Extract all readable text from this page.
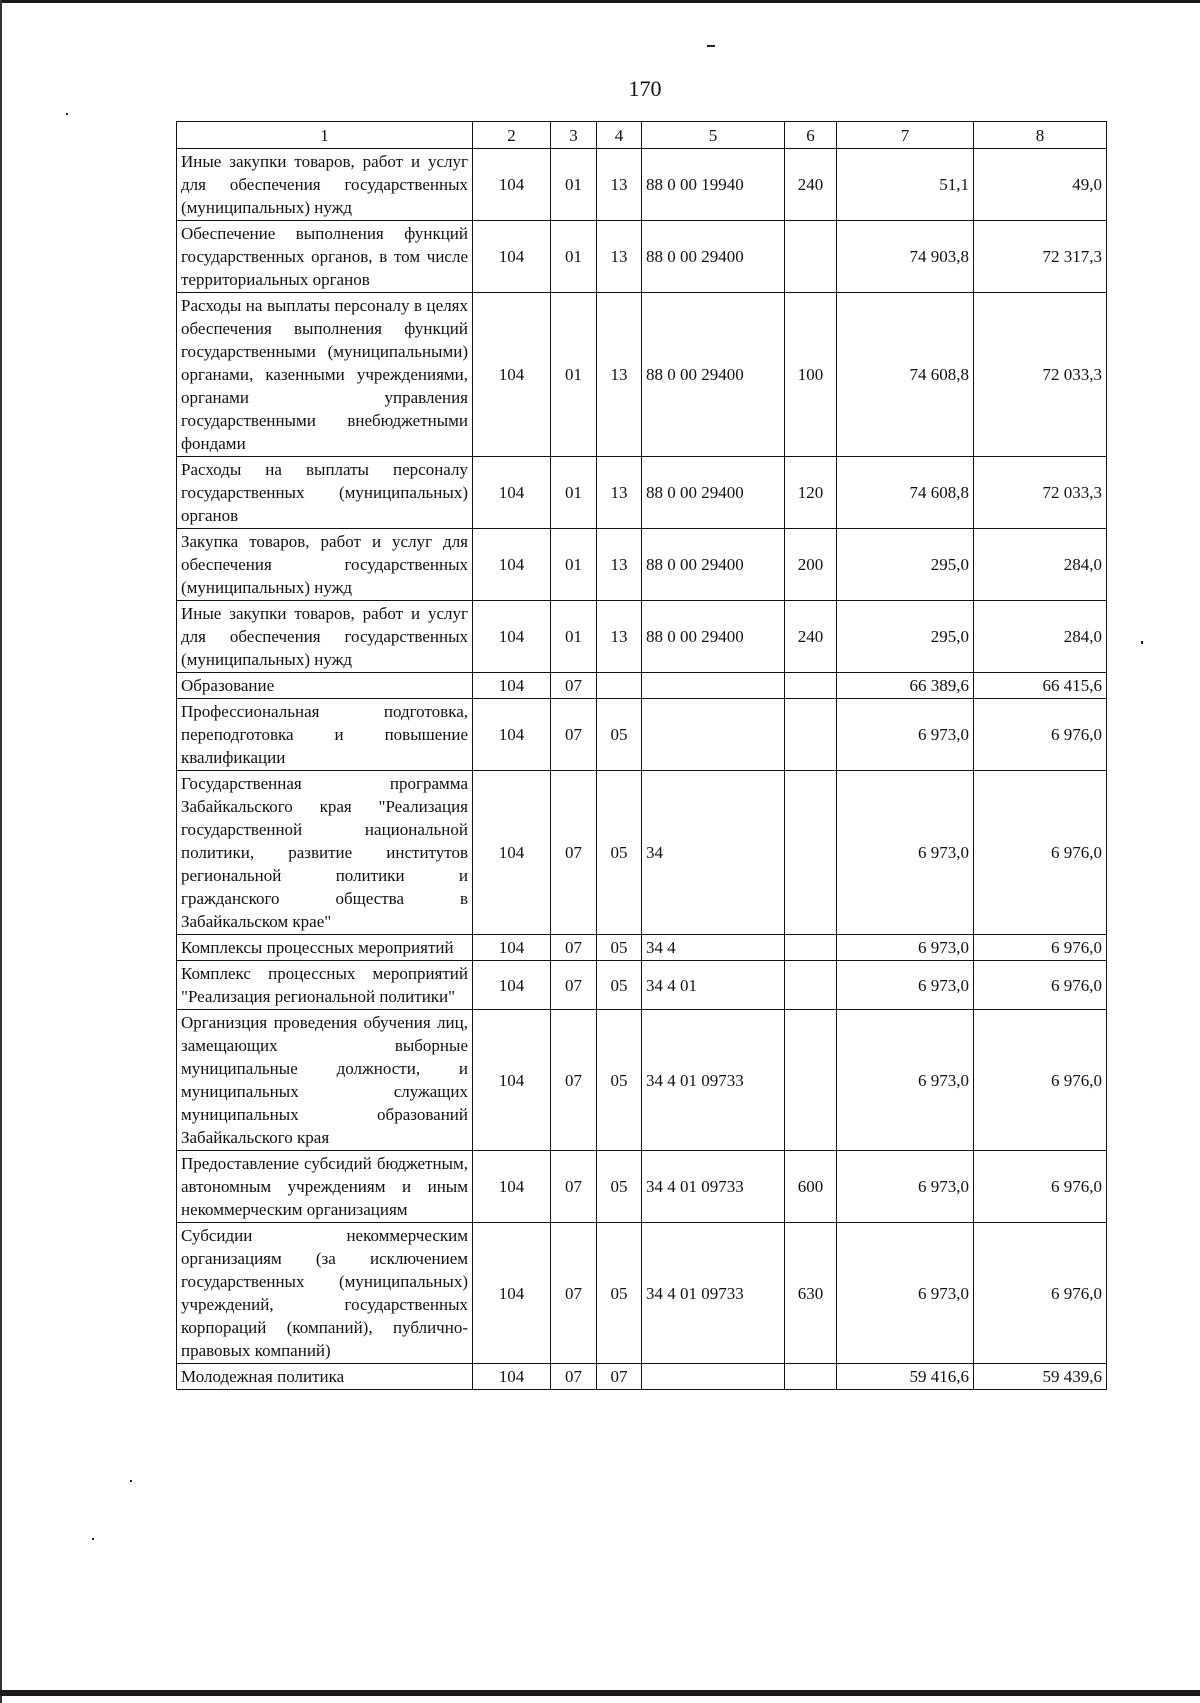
170
1	2	3	4	5	6	7	8
Иные закупки товаров, работ и услуг для обеспечения государственных (муниципальных) нужд	104	01	13	88 0 00 19940	240	51,1	49,0
Обеспечение выполнения функций государственных органов, в том числе территориальных органов	104	01	13	88 0 00 29400		74 903,8	72 317,3
Расходы на выплаты персоналу в целях обеспечения выполнения функций государственными (муниципальными) органами, казенными учреждениями, органами управления государственными внебюджетными фондами	104	01	13	88 0 00 29400	100	74 608,8	72 033,3
Расходы на выплаты персоналу государственных (муниципальных) органов	104	01	13	88 0 00 29400	120	74 608,8	72 033,3
Закупка товаров, работ и услуг для обеспечения государственных (муниципальных) нужд	104	01	13	88 0 00 29400	200	295,0	284,0
Иные закупки товаров, работ и услуг для обеспечения государственных (муниципальных) нужд	104	01	13	88 0 00 29400	240	295,0	284,0
Образование	104	07				66 389,6	66 415,6
Профессиональная подготовка, переподготовка и повышение квалификации	104	07	05			6 973,0	6 976,0
Государственная программа Забайкальского края "Реализация государственной национальной политики, развитие институтов региональной политики и гражданского общества в Забайкальском крае"	104	07	05	34		6 973,0	6 976,0
Комплексы процессных мероприятий	104	07	05	34 4		6 973,0	6 976,0
Комплекс процессных мероприятий "Реализация региональной политики"	104	07	05	34 4 01		6 973,0	6 976,0
Организция проведения обучения лиц, замещающих выборные муниципальные должности, и муниципальных служащих муниципальных образований Забайкальского края	104	07	05	34 4 01 09733		6 973,0	6 976,0
Предоставление субсидий бюджетным, автономным учреждениям и иным некоммерческим организациям	104	07	05	34 4 01 09733	600	6 973,0	6 976,0
Субсидии некоммерческим организациям (за исключением государственных (муниципальных) учреждений, государственных корпораций (компаний), публично-правовых компаний)	104	07	05	34 4 01 09733	630	6 973,0	6 976,0
Молодежная политика	104	07	07			59 416,6	59 439,6
